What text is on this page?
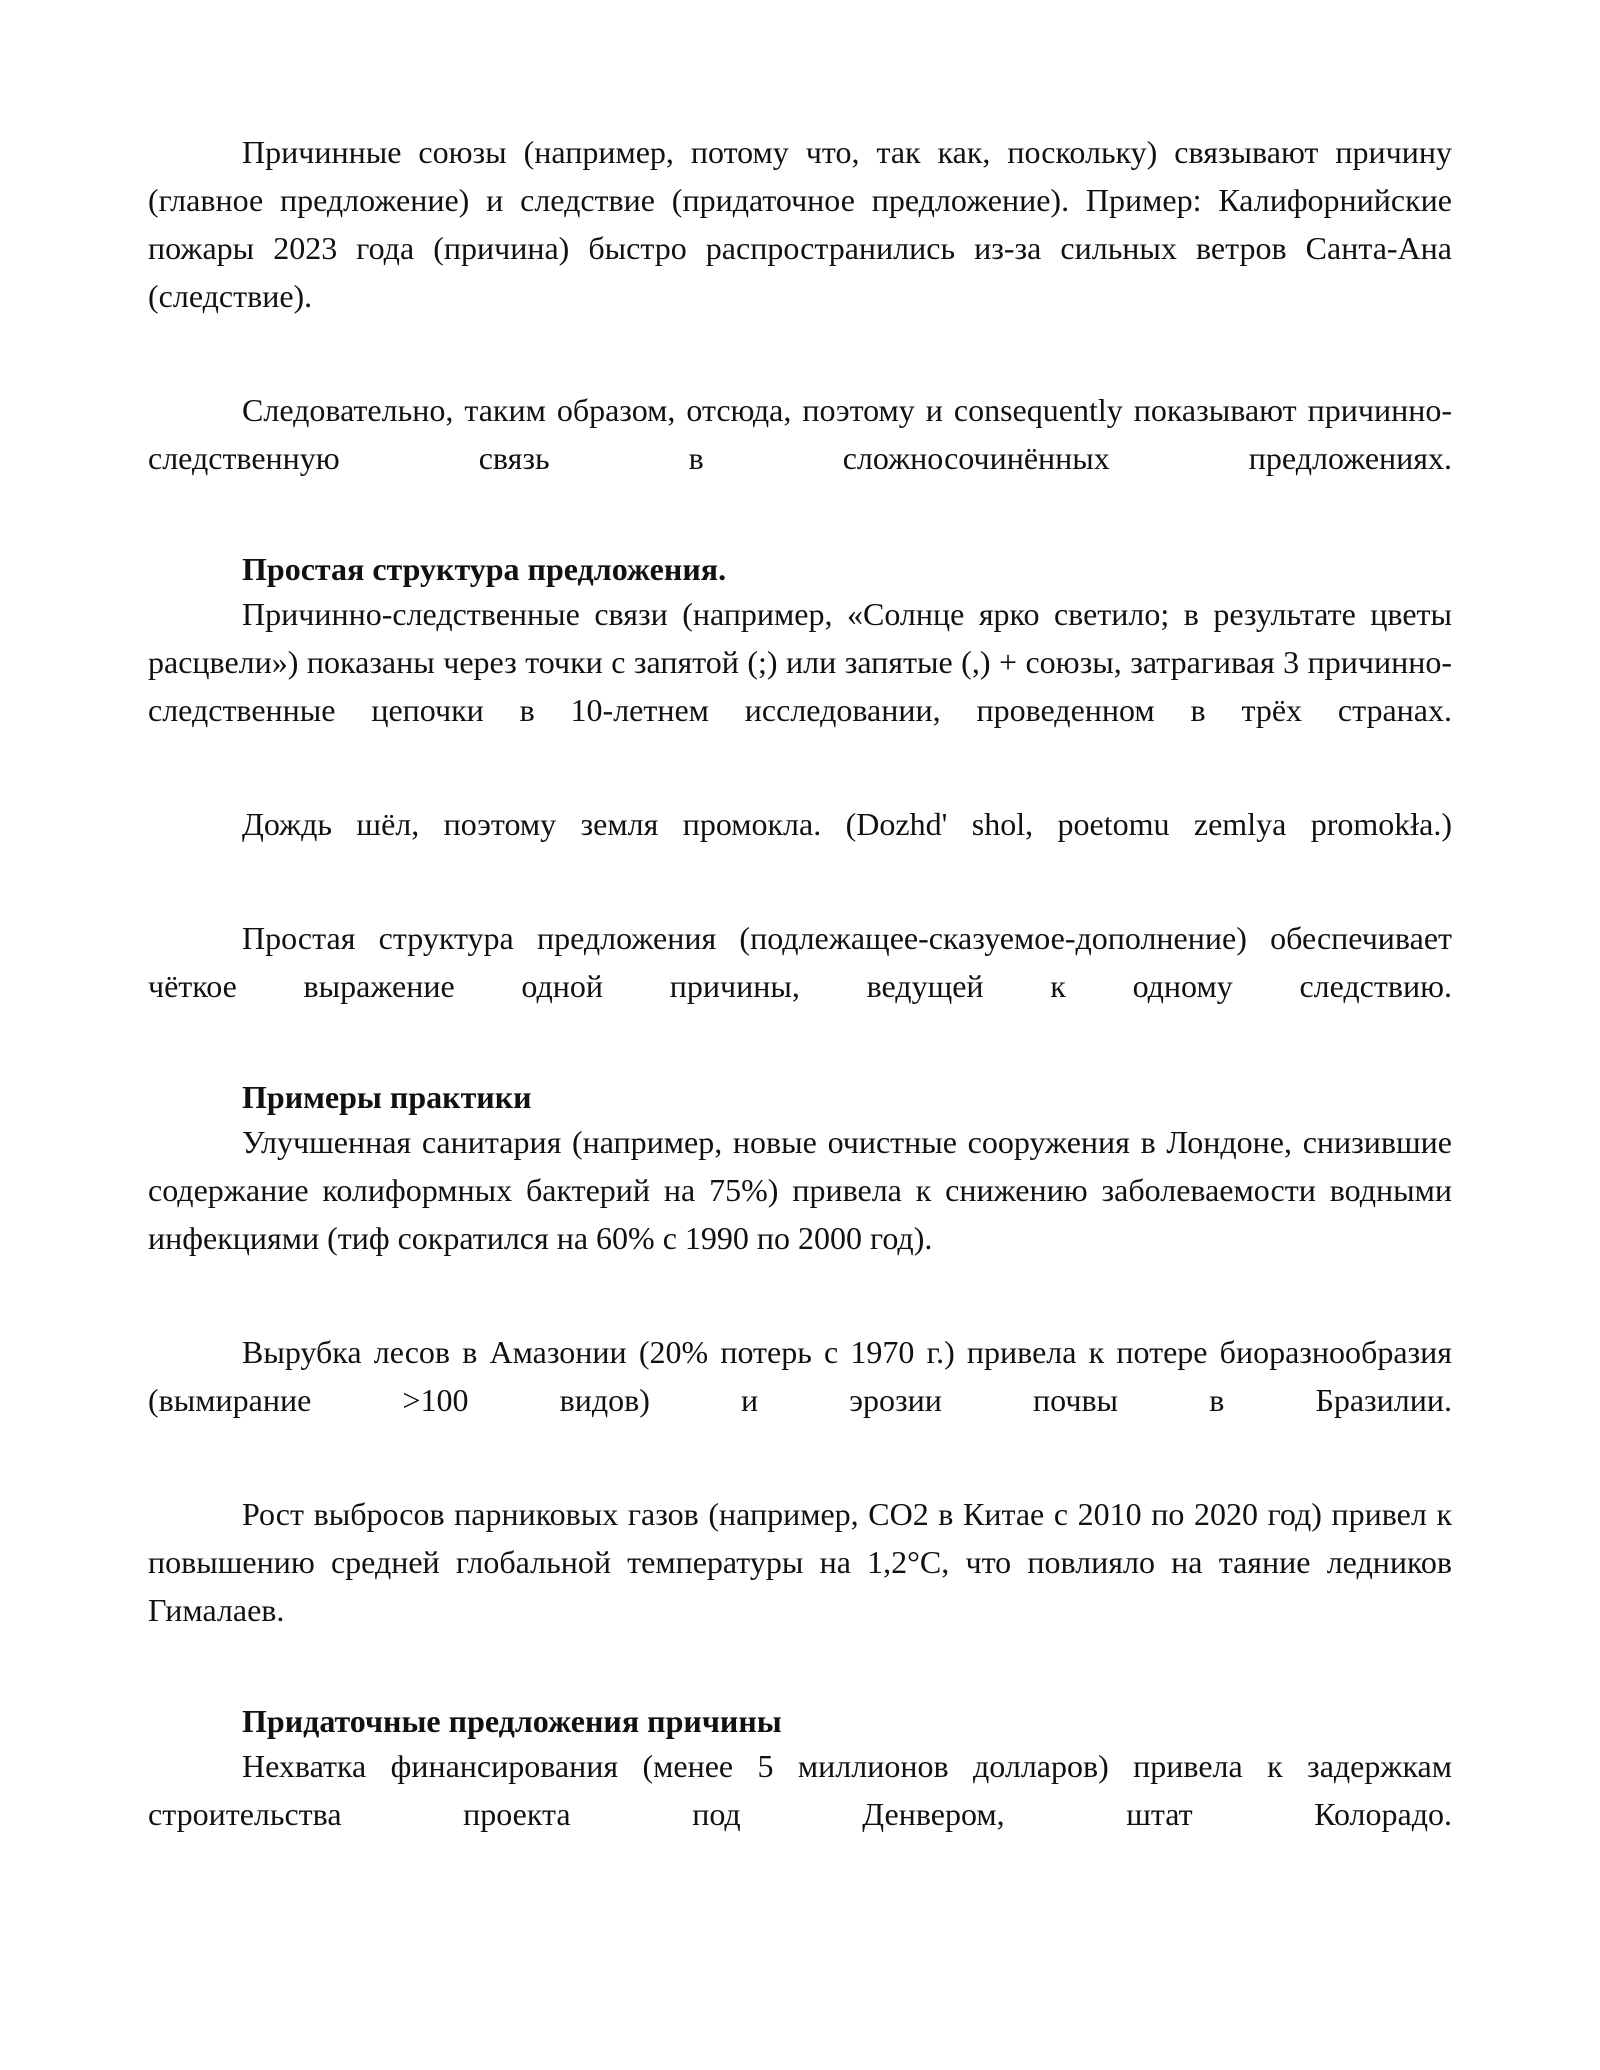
Причинные союзы (например, потому что, так как, поскольку) связывают причину (главное предложение) и следствие (придаточное предложение). Пример: Калифорнийские пожары 2023 года (причина) быстро распространились из-за сильных ветров Санта-Ана (следствие).

Следовательно, таким образом, отсюда, поэтому и consequently показывают причинно-следственную связь в сложносочинённых предложениях.

Простая структура предложения.

Причинно-следственные связи (например, «Солнце ярко светило; в результате цветы расцвели») показаны через точки с запятой (;) или запятые (,) + союзы, затрагивая 3 причинно-следственные цепочки в 10-летнем исследовании, проведенном в трёх странах.

Дождь шёл, поэтому земля промокла. (Dozhd' shol, poetomu zemlya promokła.)

Простая структура предложения (подлежащее-сказуемое-дополнение) обеспечивает чёткое выражение одной причины, ведущей к одному следствию.

Примеры практики

Улучшенная санитария (например, новые очистные сооружения в Лондоне, снизившие содержание колиформных бактерий на 75%) привела к снижению заболеваемости водными инфекциями (тиф сократился на 60% с 1990 по 2000 год).

Вырубка лесов в Амазонии (20% потерь с 1970 г.) привела к потере биоразнообразия (вымирание >100 видов) и эрозии почвы в Бразилии.

Рост выбросов парниковых газов (например, CO2 в Китае с 2010 по 2020 год) привел к повышению средней глобальной температуры на 1,2°C, что повлияло на таяние ледников Гималаев.

Придаточные предложения причины

Нехватка финансирования (менее 5 миллионов долларов) привела к задержкам строительства проекта под Денвером, штат Колорадо.
